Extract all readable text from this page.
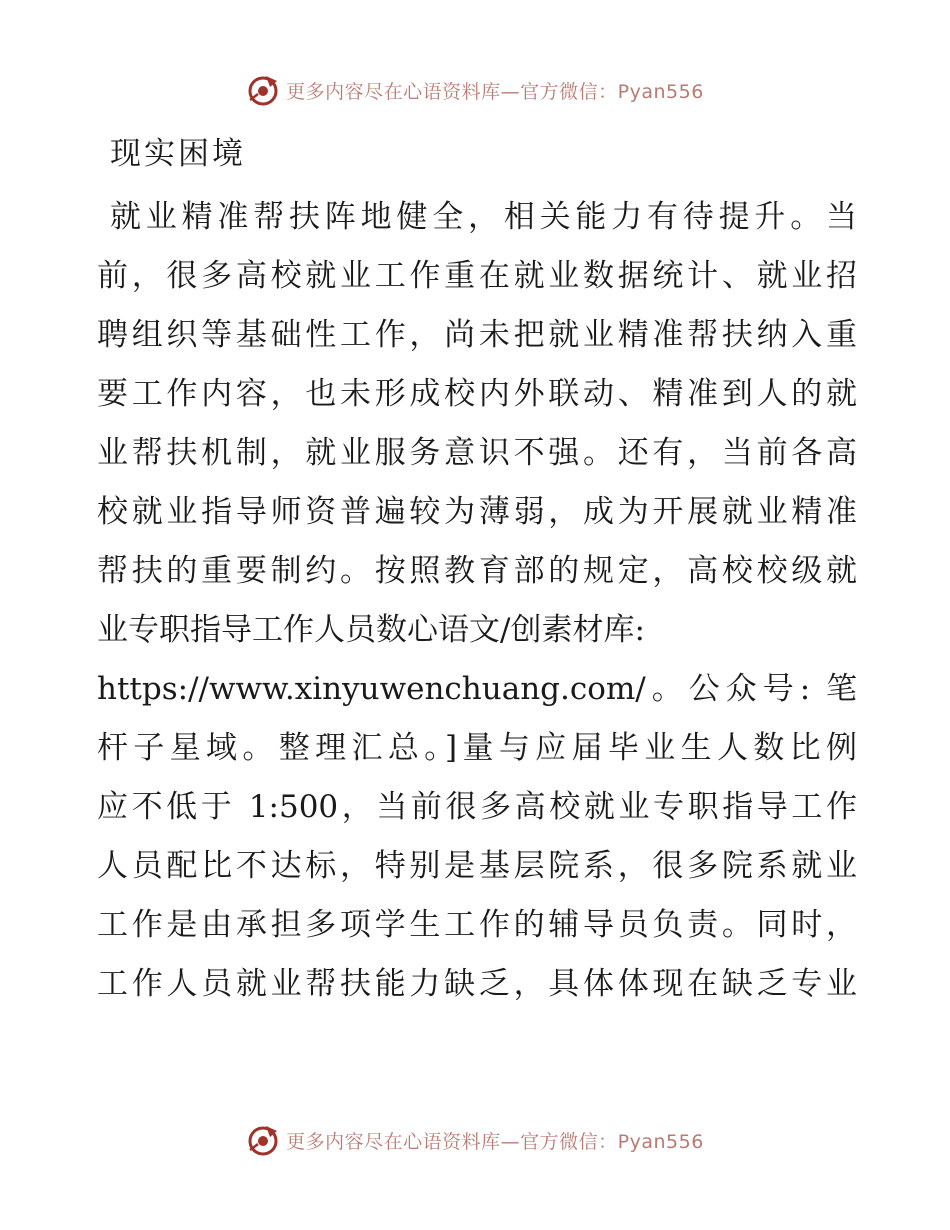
更多内容尽在心语资料库—官方微信：Pyan556
现实困境
就业精准帮扶阵地健全，相关能力有待提升。当
前，很多高校就业工作重在就业数据统计、就业招
聘组织等基础性工作，尚未把就业精准帮扶纳入重
要工作内容，也未形成校内外联动、精准到人的就
业帮扶机制，就业服务意识不强。还有，当前各高
校就业指导师资普遍较为薄弱，成为开展就业精准
帮扶的重要制约。按照教育部的规定，高校校级就
业专职指导工作人员数心语文/创素材库:
https://www.xinyuwenchuang.com/。公众号: 笔
杆子星域。整理汇总。]量与应届毕业生人数比例
应不低于 1:500，当前很多高校就业专职指导工作
人员配比不达标，特别是基层院系，很多院系就业
工作是由承担多项学生工作的辅导员负责。同时，
工作人员就业帮扶能力缺乏，具体体现在缺乏专业
更多内容尽在心语资料库—官方微信：Pyan556
